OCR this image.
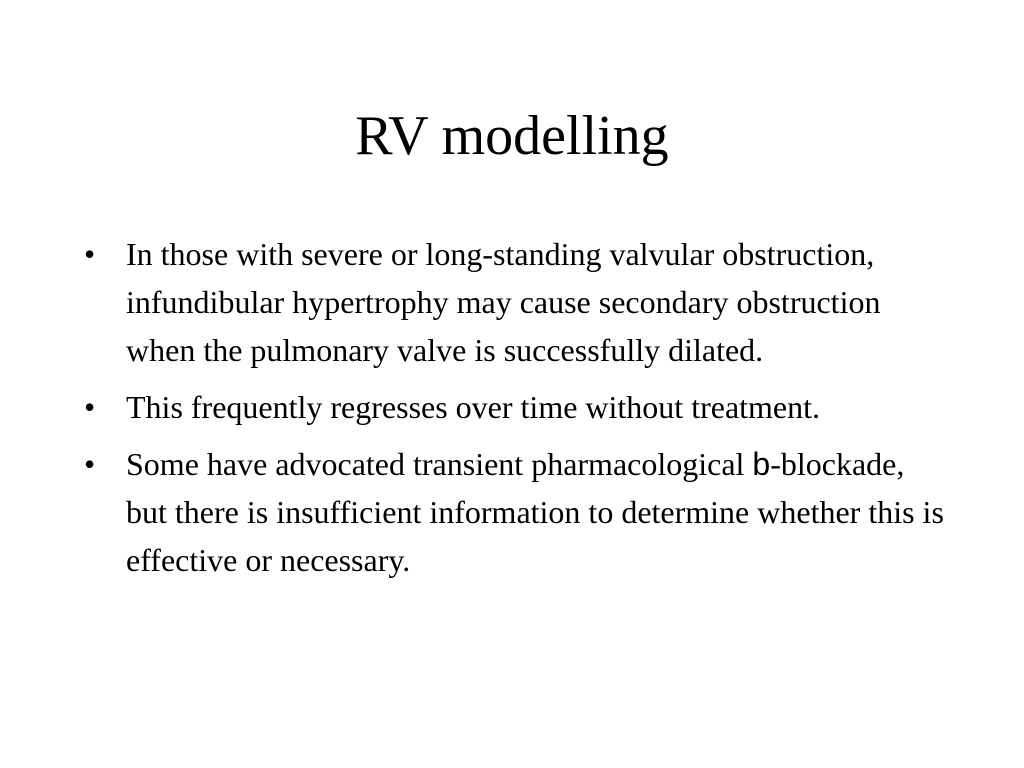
RV modelling
• In those with severe or long-standing valvular obstruction, infundibular hypertrophy may cause secondary obstruction when the pulmonary valve is successfully dilated.
• This frequently regresses over time without treatment.
• Some have advocated transient pharmacological b-blockade, but there is insufficient information to determine whether this is effective or necessary.
